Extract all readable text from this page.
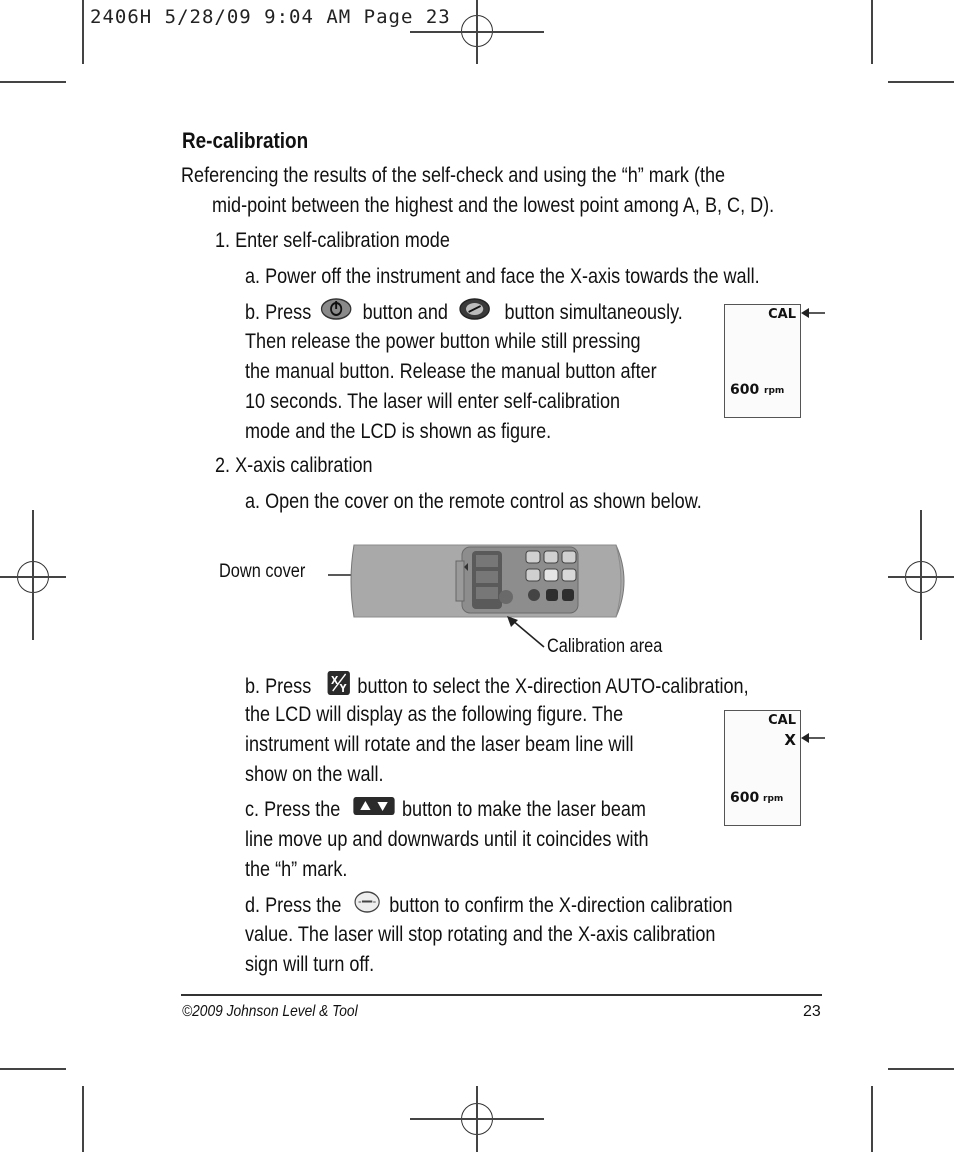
2406H 5/28/09 9:04 AM Page 23
Re-calibration
Referencing the results of the self-check and using the “h” mark (the
mid-point between the highest and the lowest point among A, B, C, D).
1. Enter self-calibration mode
a. Power off the instrument and face the X-axis towards the wall.
b. Press button and	button simultaneously.
Then release the power button while still pressing
the manual button. Release the manual button after
10 seconds. The laser will enter self-calibration
mode and the LCD is shown as figure.
CAL
600 rpm
2. X-axis calibration
a. Open the cover on the remote control as shown below.
Down cover
Calibration area
b. Press X
Y button to select the X-direction AUTO-calibration,
the LCD will display as the following figure. The
instrument will rotate and the laser beam line will
show on the wall.
CAL
X
600 rpm
c. Press the	button to make the laser beam
line move up and downwards until it coincides with
the “h” mark.
d. Press the button to confirm the X-direction calibration
value. The laser will stop rotating and the X-axis calibration
sign will turn off.
©2009 Johnson Level & Tool	23
